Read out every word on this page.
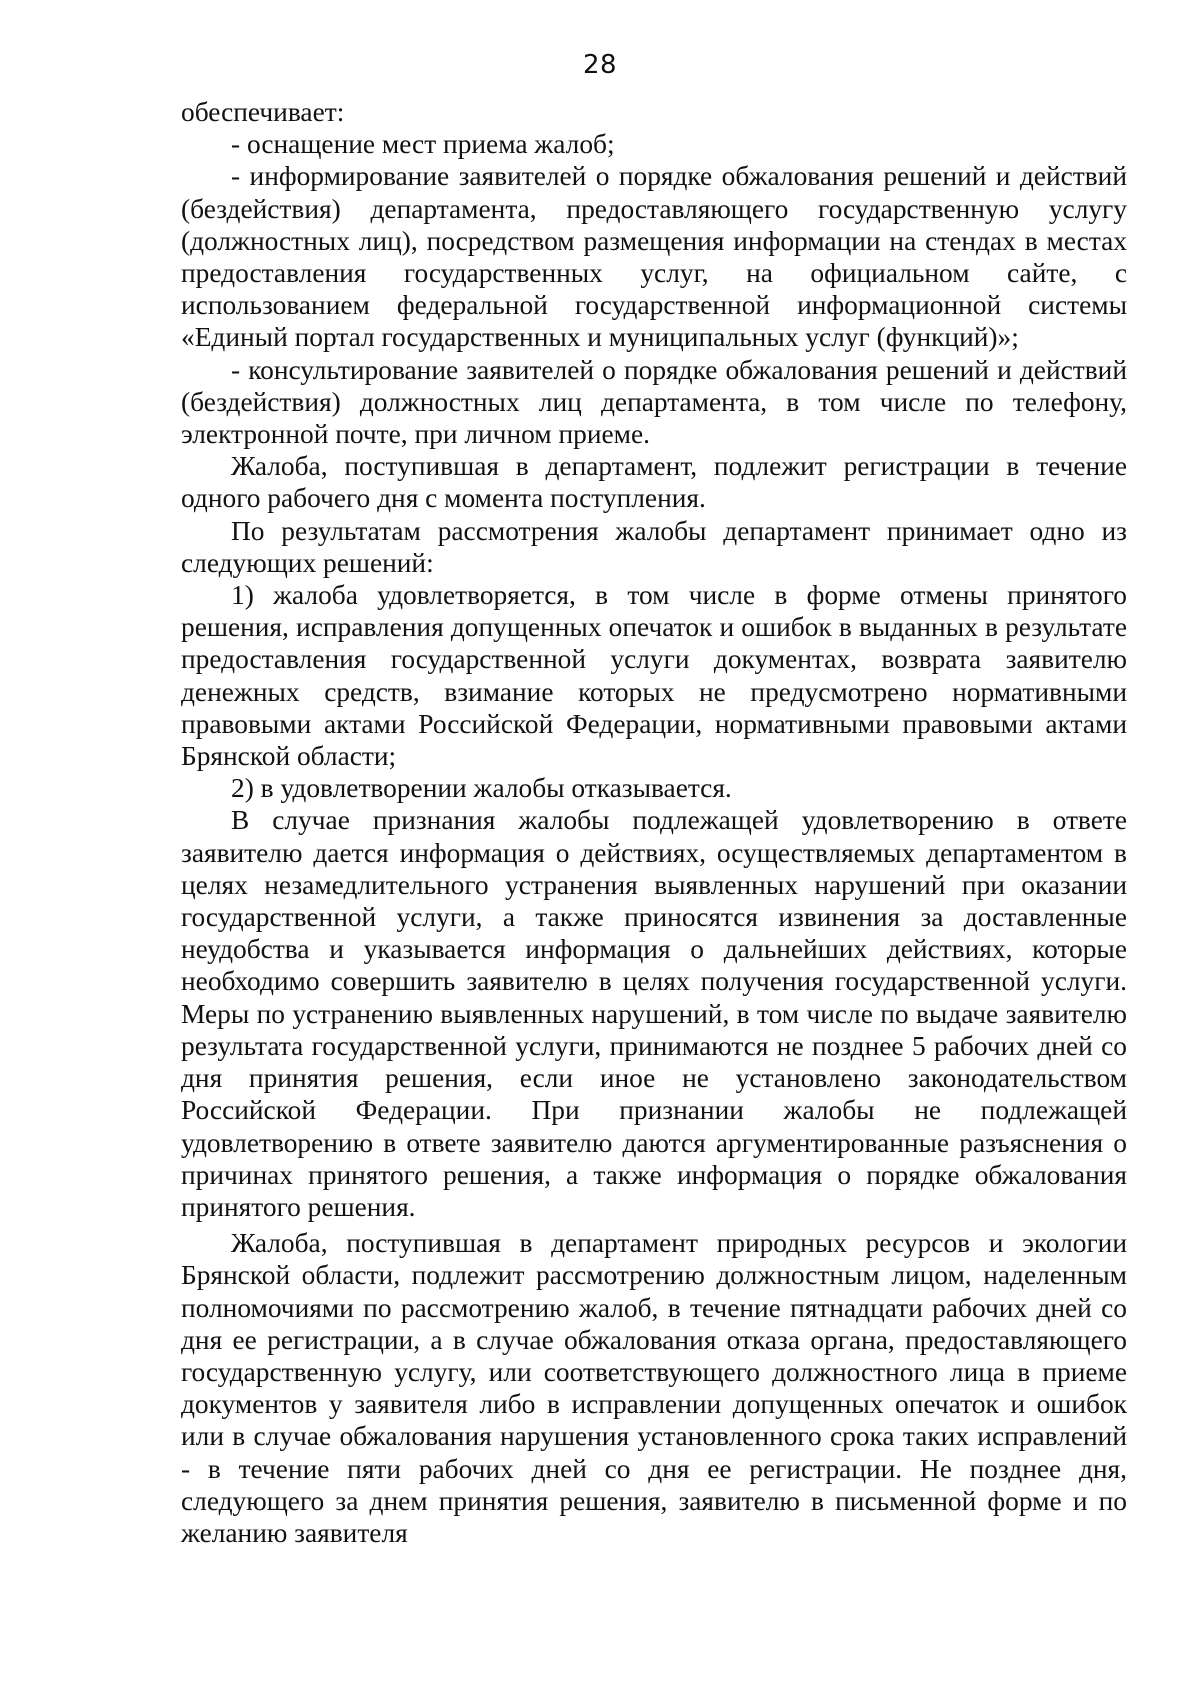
28

обеспечивает:

- оснащение мест приема жалоб;

- информирование заявителей о порядке обжалования решений и действий (бездействия) департамента, предоставляющего государственную услугу (должностных лиц), посредством размещения информации на стендах в местах предоставления государственных услуг, на официальном сайте, с использованием федеральной государственной информационной системы «Единый портал государственных и муниципальных услуг (функций)»;

- консультирование заявителей о порядке обжалования решений и действий (бездействия) должностных лиц департамента, в том числе по телефону, электронной почте, при личном приеме.

Жалоба, поступившая в департамент, подлежит регистрации в течение одного рабочего дня с момента поступления.

По результатам рассмотрения жалобы департамент принимает одно из следующих решений:

1) жалоба удовлетворяется, в том числе в форме отмены принятого решения, исправления допущенных опечаток и ошибок в выданных в результате предоставления государственной услуги документах, возврата заявителю денежных средств, взимание которых не предусмотрено нормативными правовыми актами Российской Федерации, нормативными правовыми актами Брянской области;

2) в удовлетворении жалобы отказывается.

В случае признания жалобы подлежащей удовлетворению в ответе заявителю дается информация о действиях, осуществляемых департаментом в целях незамедлительного устранения выявленных нарушений при оказании государственной услуги, а также приносятся извинения за доставленные неудобства и указывается информация о дальнейших действиях, которые необходимо совершить заявителю в целях получения государственной услуги. Меры по устранению выявленных нарушений, в том числе по выдаче заявителю результата государственной услуги, принимаются не позднее 5 рабочих дней со дня принятия решения, если иное не установлено законодательством Российской Федерации. При признании жалобы не подлежащей удовлетворению в ответе заявителю даются аргументированные разъяснения о причинах принятого решения, а также информация о порядке обжалования принятого решения.

Жалоба, поступившая в департамент природных ресурсов и экологии Брянской области, подлежит рассмотрению должностным лицом, наделенным полномочиями по рассмотрению жалоб, в течение пятнадцати рабочих дней со дня ее регистрации, а в случае обжалования отказа органа, предоставляющего государственную услугу, или соответствующего должностного лица в приеме документов у заявителя либо в исправлении допущенных опечаток и ошибок или в случае обжалования нарушения установленного срока таких исправлений - в течение пяти рабочих дней со дня ее регистрации. Не позднее дня, следующего за днем принятия решения, заявителю в письменной форме и по желанию заявителя
